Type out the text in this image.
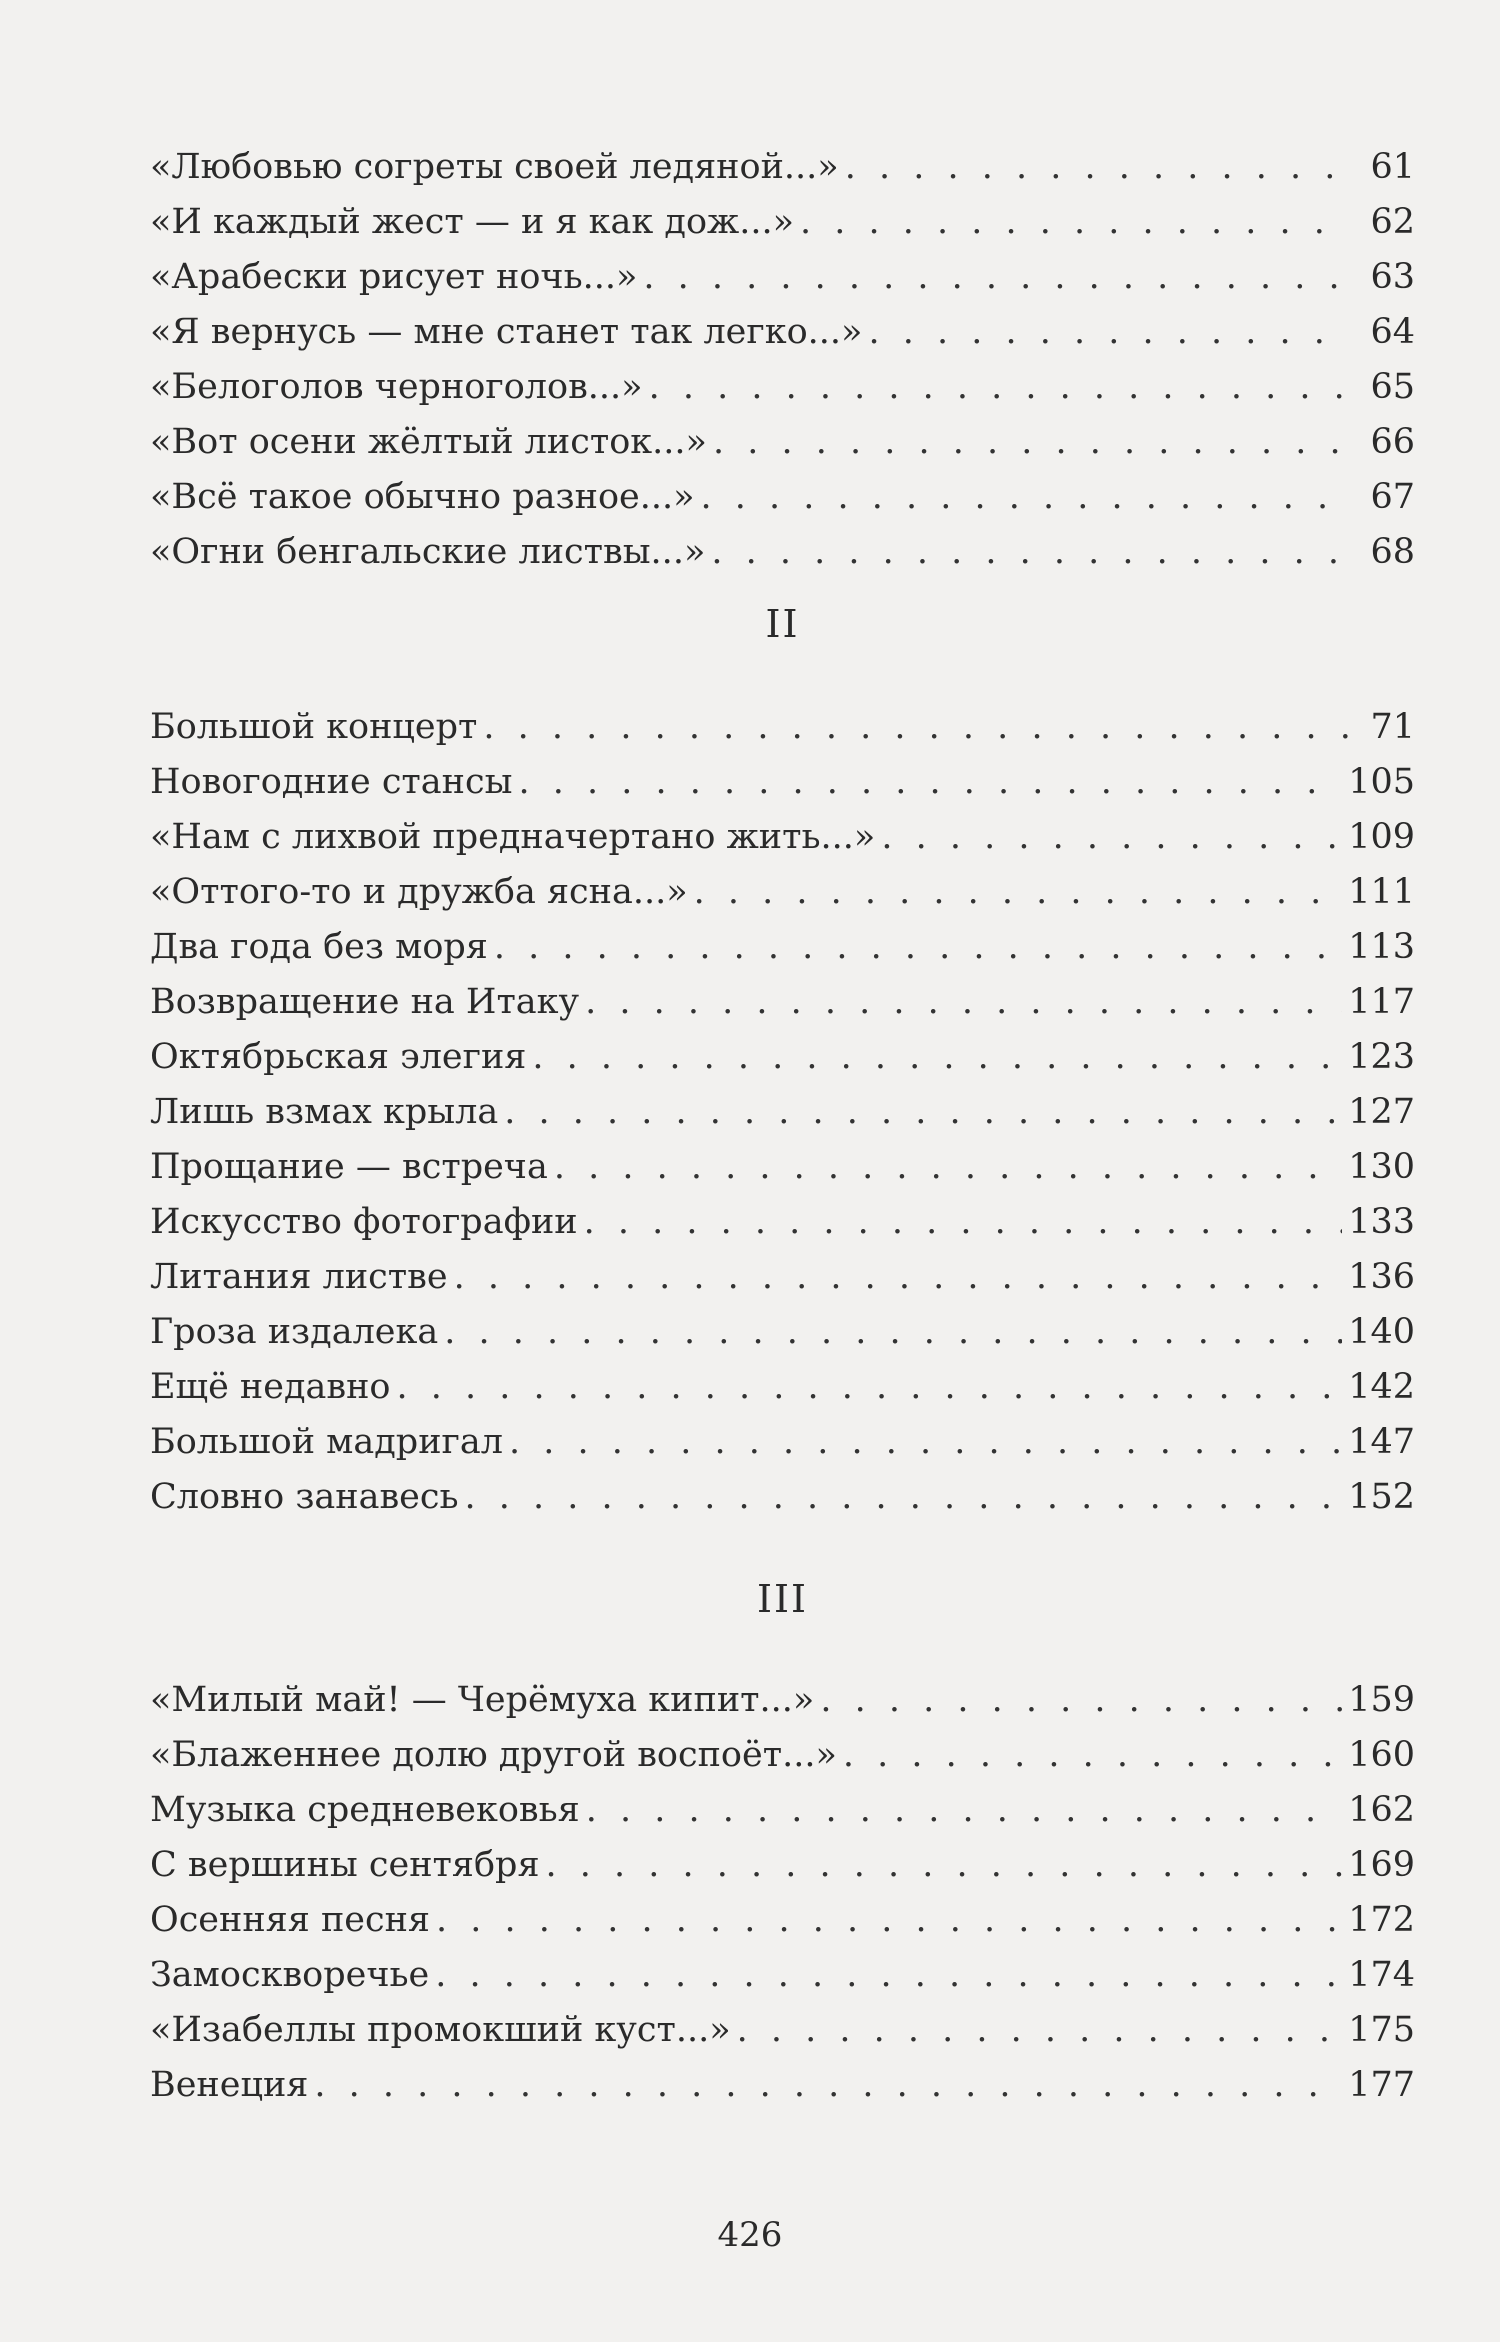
«Любовью согреты своей ледяной...» . . .	61
«И каждый жест — и я как дож...» . . .	62
«Арабески рисует ночь...» . . .	63
«Я вернусь — мне станет так легко...» . . .	64
«Белоголов черноголов...» . . .	65
«Вот осени жёлтый листок...» . . .	66
«Всё такое обычно разное...» . . .	67
«Огни бенгальские листвы...» . . .	68
II
Большой концерт . . .	71
Новогодние стансы . . .	105
«Нам с лихвой предначертано жить...» . . .	109
«Оттого-то и дружба ясна...» . . .	111
Два года без моря . . .	113
Возвращение на Итаку . . .	117
Октябрьская элегия . . .	123
Лишь взмах крыла . . .	127
Прощание — встреча . . .	130
Искусство фотографии . . .	133
Литания листве . . .	136
Гроза издалека . . .	140
Ещё недавно . . .	142
Большой мадригал . . .	147
Словно занавесь . . .	152
III
«Милый май! — Черёмуха кипит...» . . .	159
«Блаженнее долю другой воспоёт...» . . .	160
Музыка средневековья . . .	162
С вершины сентября . . .	169
Осенняя песня . . .	172
Замоскворечье . . .	174
«Изабеллы промокший куст...» . . .	175
Венеция . . .	177
426
